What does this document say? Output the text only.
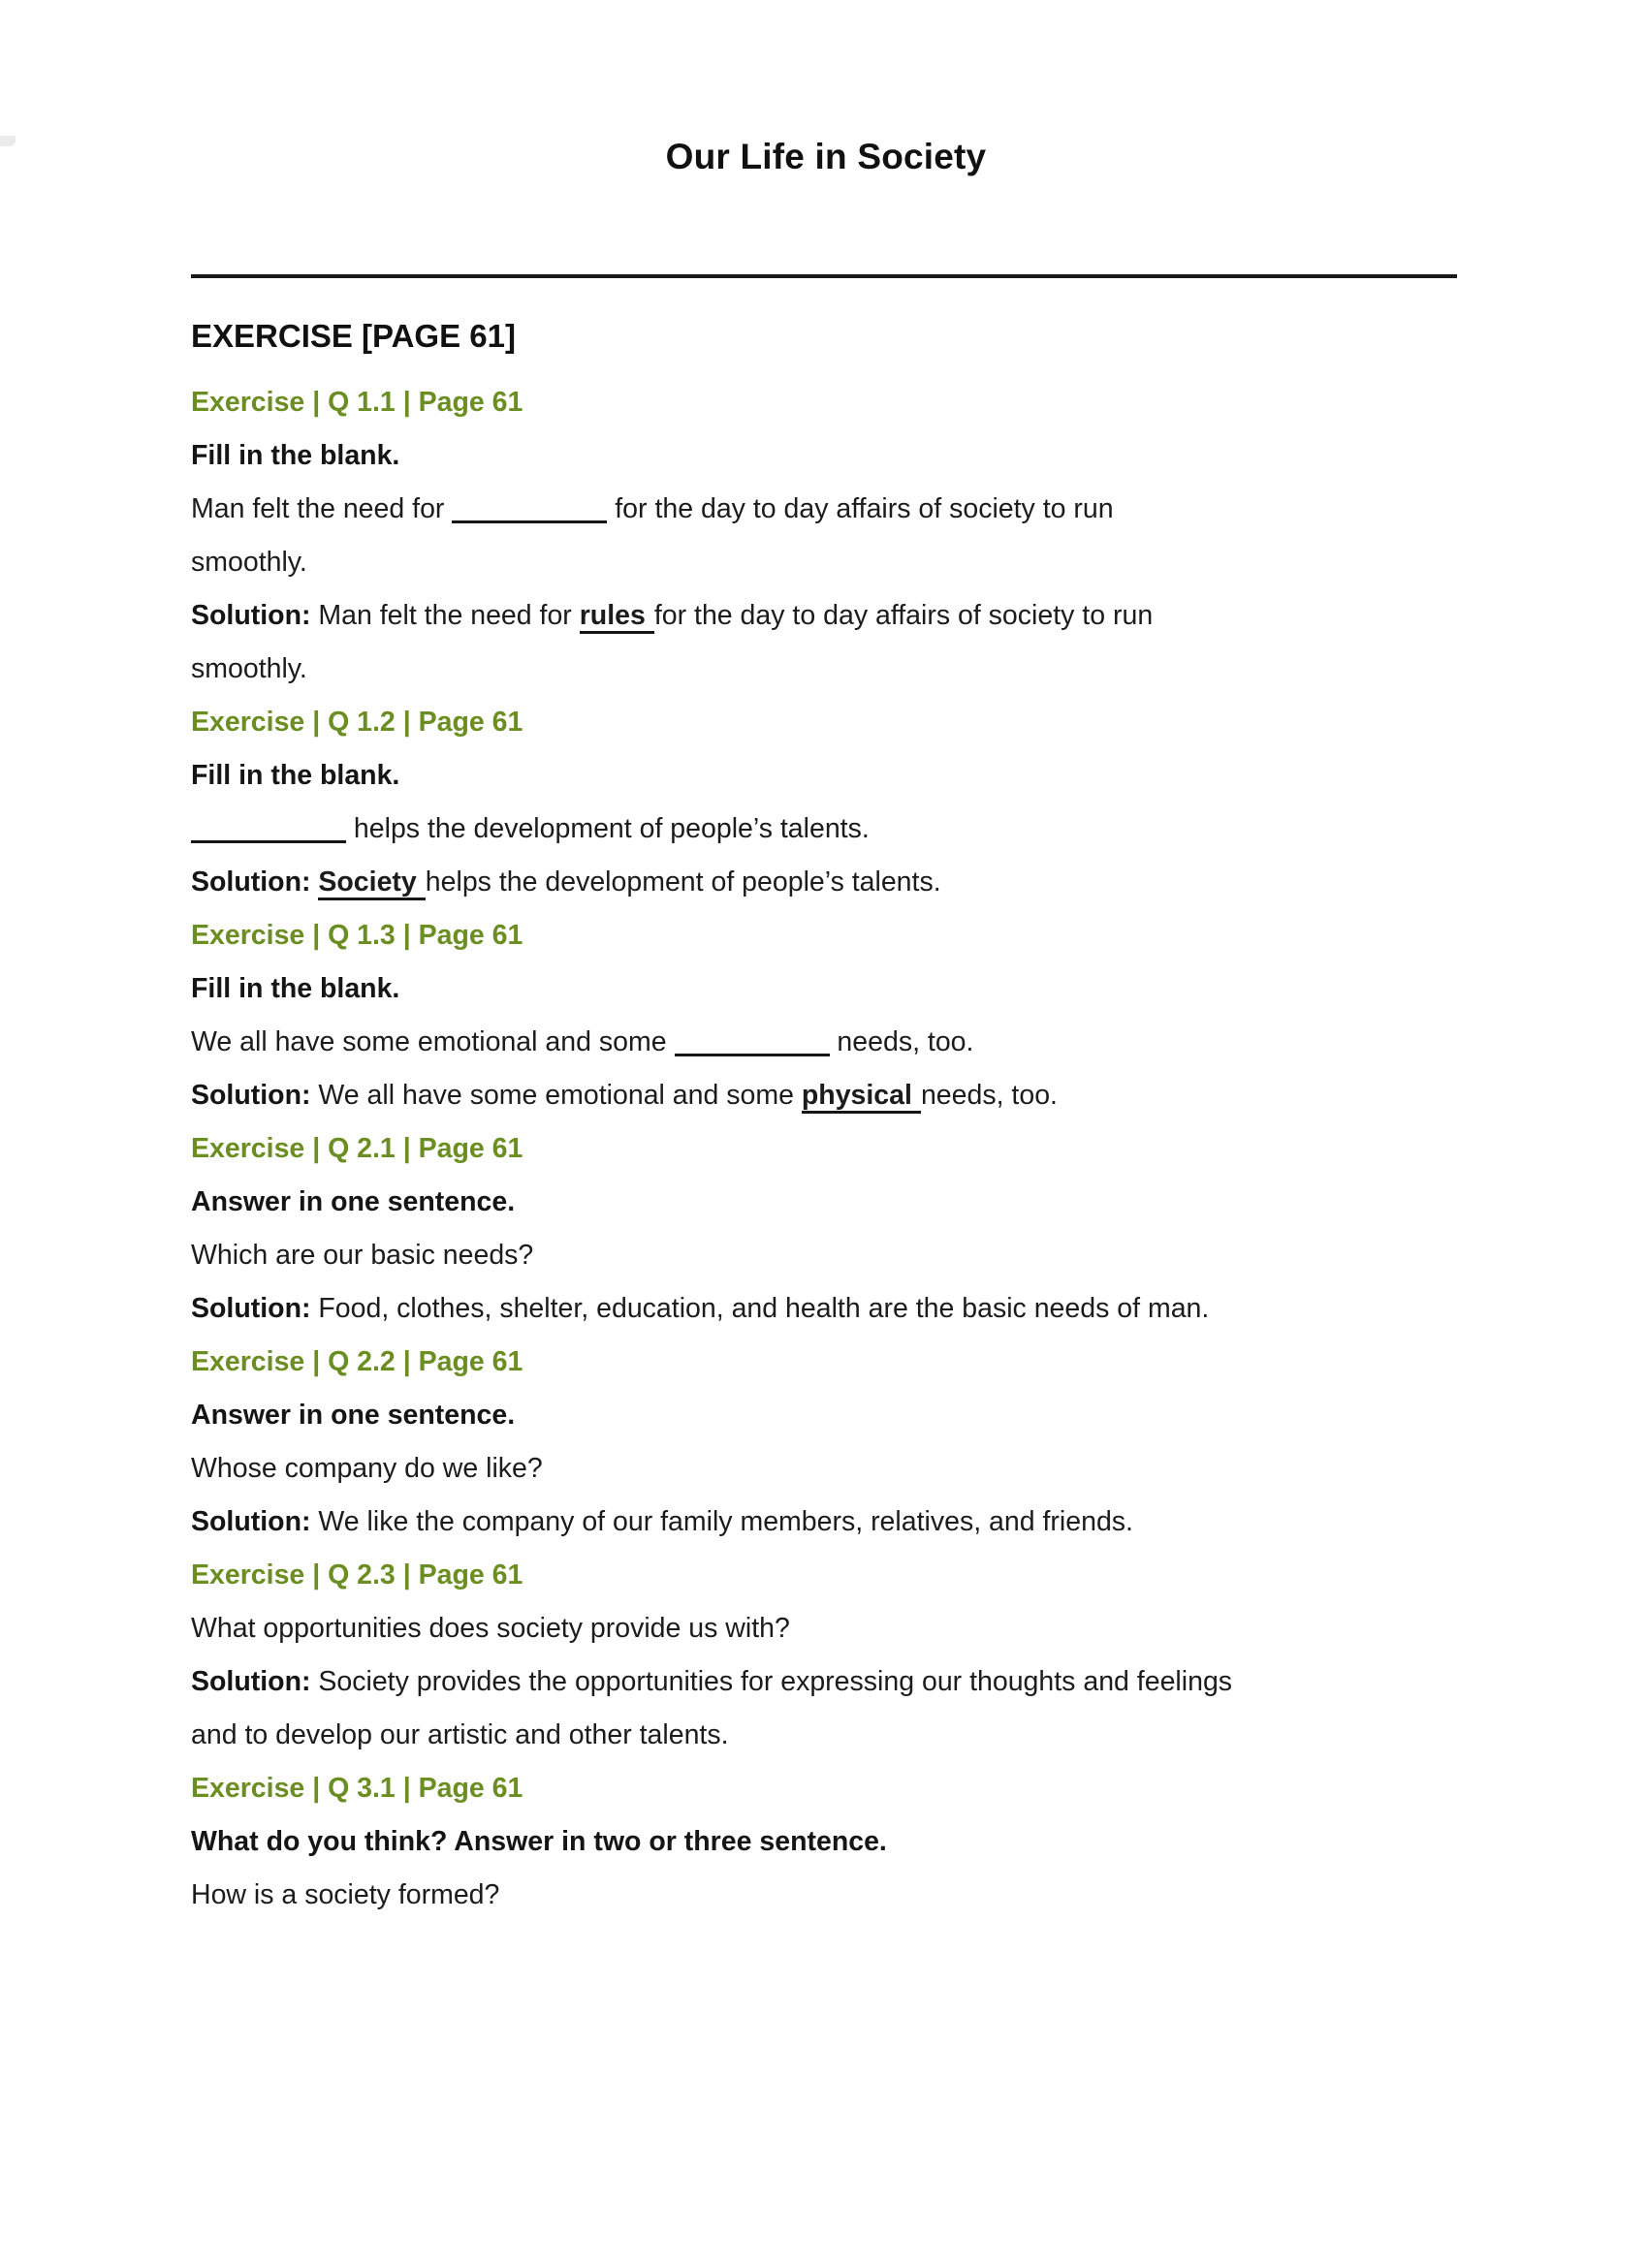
Our Life in Society
EXERCISE [PAGE 61]
Exercise | Q 1.1 | Page 61
Fill in the blank.
Man felt the need for	for the day to day affairs of society to run
smoothly.
Solution: Man felt the need for rules for the day to day affairs of society to run
smoothly.
Exercise | Q 1.2 | Page 61
Fill in the blank.
helps the development of people’s talents.
Solution: Society helps the development of people’s talents.
Exercise | Q 1.3 | Page 61
Fill in the blank.
We all have some emotional and some	needs, too.
Solution: We all have some emotional and some physical needs, too.
Exercise | Q 2.1 | Page 61
Answer in one sentence.
Which are our basic needs?
Solution: Food, clothes, shelter, education, and health are the basic needs of man.
Exercise | Q 2.2 | Page 61
Answer in one sentence.
Whose company do we like?
Solution: We like the company of our family members, relatives, and friends.
Exercise | Q 2.3 | Page 61
What opportunities does society provide us with?
Solution: Society provides the opportunities for expressing our thoughts and feelings
and to develop our artistic and other talents.
Exercise | Q 3.1 | Page 61
What do you think? Answer in two or three sentence.
How is a society formed?
